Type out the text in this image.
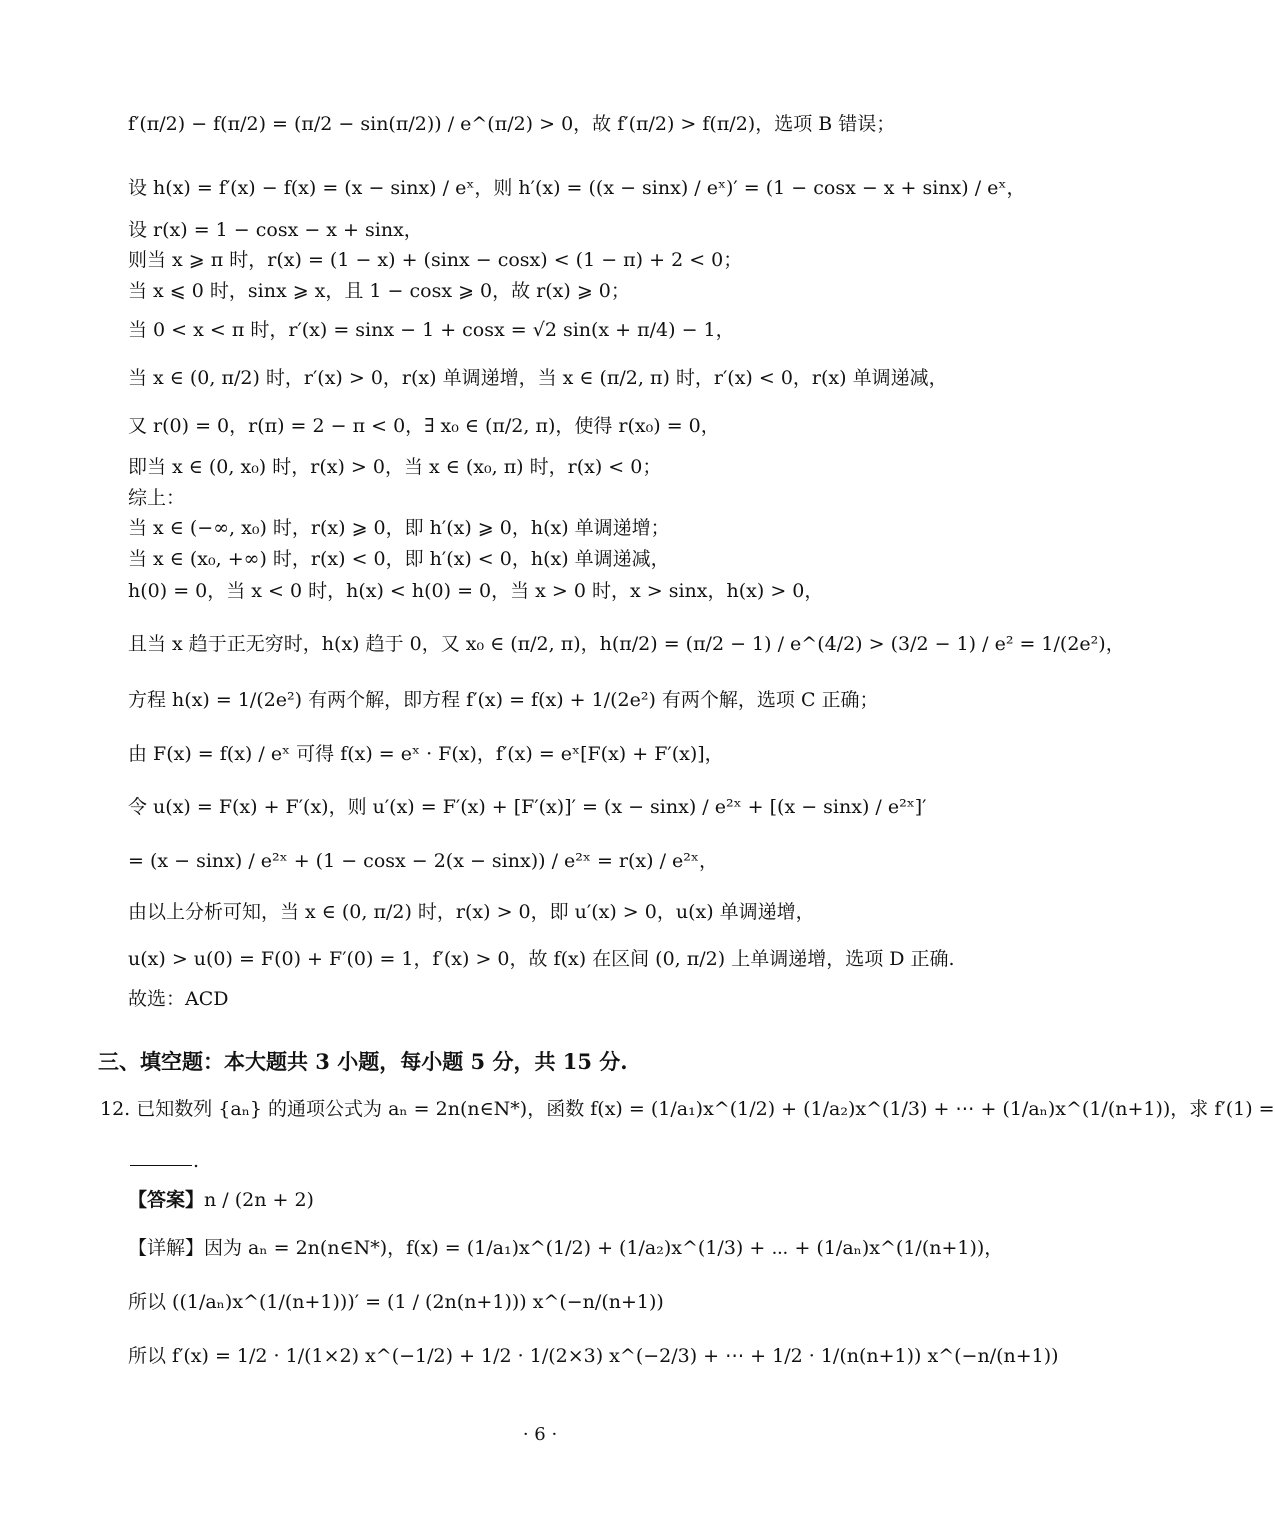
f′(π/2) − f(π/2) = (π/2 − sin(π/2)) / e^(π/2) > 0，故 f′(π/2) > f(π/2)，选项 B 错误；
设 h(x) = f′(x) − f(x) = (x − sinx) / eˣ，则 h′(x) = ((x − sinx) / eˣ)′ = (1 − cosx − x + sinx) / eˣ，
设 r(x) = 1 − cosx − x + sinx，
则当 x ⩾ π 时，r(x) = (1 − x) + (sinx − cosx) < (1 − π) + 2 < 0；
当 x ⩽ 0 时，sinx ⩾ x，且 1 − cosx ⩾ 0，故 r(x) ⩾ 0；
当 0 < x < π 时，r′(x) = sinx − 1 + cosx = √2 sin(x + π/4) − 1，
当 x ∈ (0, π/2) 时，r′(x) > 0，r(x) 单调递增，当 x ∈ (π/2, π) 时，r′(x) < 0，r(x) 单调递减，
又 r(0) = 0，r(π) = 2 − π < 0，∃ x₀ ∈ (π/2, π)，使得 r(x₀) = 0，
即当 x ∈ (0, x₀) 时，r(x) > 0，当 x ∈ (x₀, π) 时，r(x) < 0；
综上：
当 x ∈ (−∞, x₀) 时，r(x) ⩾ 0，即 h′(x) ⩾ 0，h(x) 单调递增；
当 x ∈ (x₀, +∞) 时，r(x) < 0，即 h′(x) < 0，h(x) 单调递减，
h(0) = 0，当 x < 0 时，h(x) < h(0) = 0，当 x > 0 时，x > sinx，h(x) > 0，
且当 x 趋于正无穷时，h(x) 趋于 0，又 x₀ ∈ (π/2, π)，h(π/2) = (π/2 − 1) / e^(4/2) > (3/2 − 1) / e² = 1/(2e²)，
方程 h(x) = 1/(2e²) 有两个解，即方程 f′(x) = f(x) + 1/(2e²) 有两个解，选项 C 正确；
由 F(x) = f(x) / eˣ 可得 f(x) = eˣ · F(x)，f′(x) = eˣ[F(x) + F′(x)]，
令 u(x) = F(x) + F′(x)，则 u′(x) = F′(x) + [F′(x)]′ = (x − sinx) / e²ˣ + [(x − sinx) / e²ˣ]′
= (x − sinx) / e²ˣ + (1 − cosx − 2(x − sinx)) / e²ˣ = r(x) / e²ˣ，
由以上分析可知，当 x ∈ (0, π/2) 时，r(x) > 0，即 u′(x) > 0，u(x) 单调递增，
u(x) > u(0) = F(0) + F′(0) = 1，f′(x) > 0，故 f(x) 在区间 (0, π/2) 上单调递增，选项 D 正确.
故选：ACD
三、填空题：本大题共 3 小题，每小题 5 分，共 15 分.
12. 已知数列 {aₙ} 的通项公式为 aₙ = 2n(n∈N*)，函数 f(x) = (1/a₁)x^(1/2) + (1/a₂)x^(1/3) + ⋯ + (1/aₙ)x^(1/(n+1))，求 f′(1) =
.
【答案】 n / (2n + 2)
【详解】因为 aₙ = 2n(n∈N*)，f(x) = (1/a₁)x^(1/2) + (1/a₂)x^(1/3) + ⋯ + (1/aₙ)x^(1/(n+1))，
所以 ((1/aₙ)x^(1/(n+1)))′ = (1 / (2n(n+1))) x^(−n/(n+1))
所以 f′(x) = 1/2 · 1/(1×2) x^(−1/2) + 1/2 · 1/(2×3) x^(−2/3) + ⋯ + 1/2 · 1/(n(n+1)) x^(−n/(n+1))
· 6 ·
